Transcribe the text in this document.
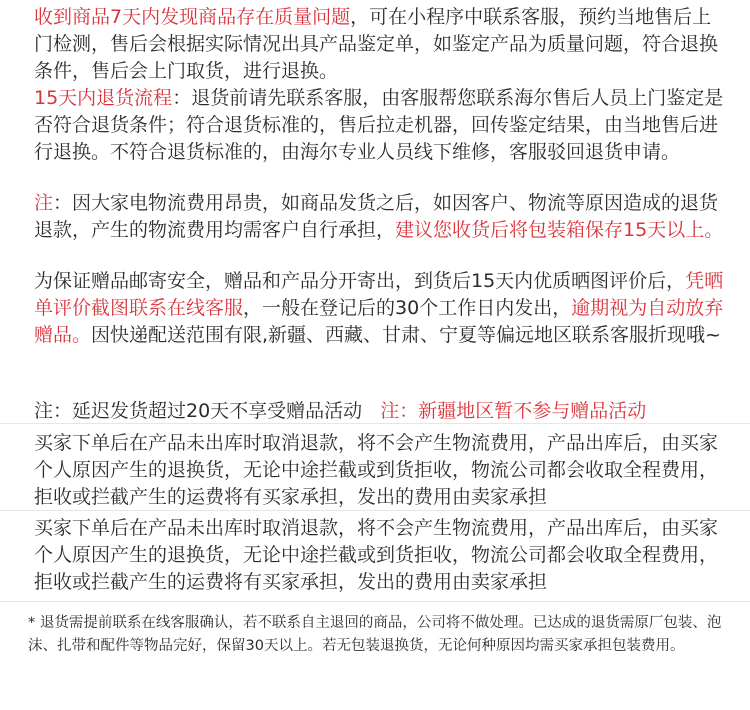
收到商品7天内发现商品存在质量问题，可在小程序中联系客服，预约当地售后上门检测，售后会根据实际情况出具产品鉴定单，如鉴定产品为质量问题，符合退换条件，售后会上门取货，进行退换。

15天内退货流程：退货前请先联系客服，由客服帮您联系海尔售后人员上门鉴定是否符合退货条件；符合退货标准的，售后拉走机器，回传鉴定结果，由当地售后进行退换。不符合退货标准的，由海尔专业人员线下维修，客服驳回退货申请。

注：因大家电物流费用昂贵，如商品发货之后，如因客户、物流等原因造成的退货退款，产生的物流费用均需客户自行承担，建议您收货后将包装箱保存15天以上。

为保证赠品邮寄安全，赠品和产品分开寄出，到货后15天内优质晒图评价后，凭晒单评价截图联系在线客服，一般在登记后的30个工作日内发出，逾期视为自动放弃赠品。因快递配送范围有限,新疆、西藏、甘肃、宁夏等偏远地区联系客服折现哦~

注：延迟发货超过20天不享受赠品活动 注：新疆地区暂不参与赠品活动

买家下单后在产品未出库时取消退款，将不会产生物流费用，产品出库后，由买家个人原因产生的退换货，无论中途拦截或到货拒收，物流公司都会收取全程费用，拒收或拦截产生的运费将有买家承担，发出的费用由卖家承担

买家下单后在产品未出库时取消退款，将不会产生物流费用，产品出库后，由买家个人原因产生的退换货，无论中途拦截或到货拒收，物流公司都会收取全程费用，拒收或拦截产生的运费将有买家承担，发出的费用由卖家承担

* 退货需提前联系在线客服确认，若不联系自主退回的商品，公司将不做处理。已达成的退货需原厂包装、泡沫、扎带和配件等物品完好，保留30天以上。若无包装退换货，无论何种原因均需买家承担包装费用。
